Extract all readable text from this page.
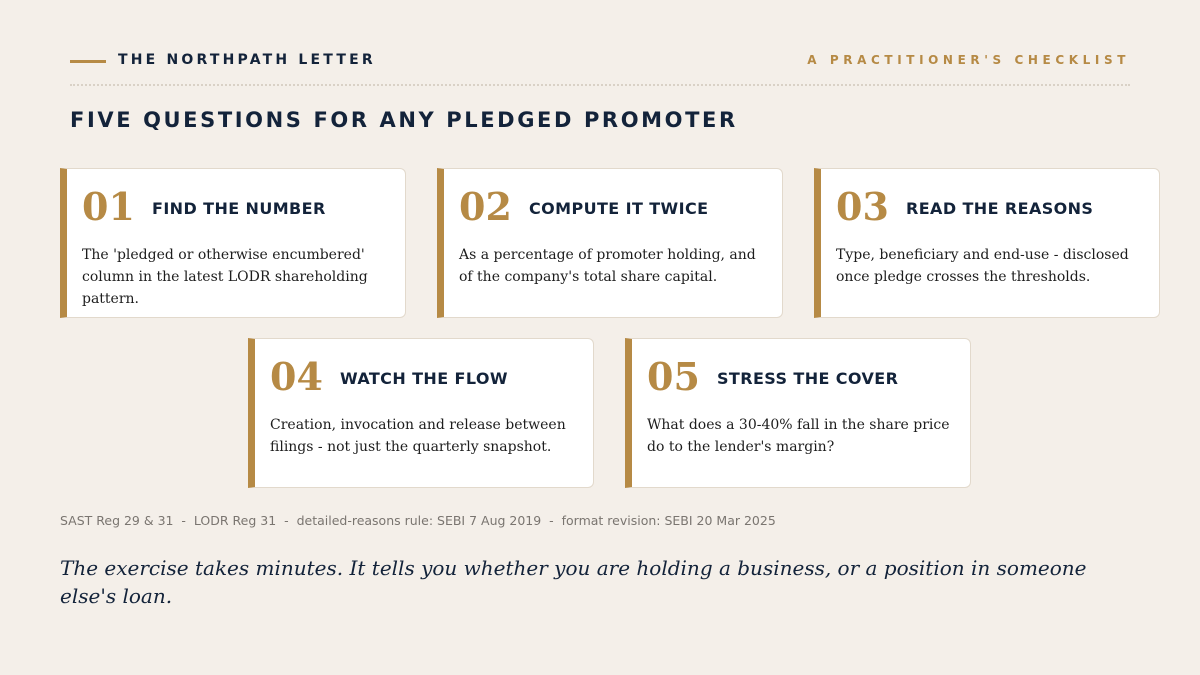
THE NORTHPATH LETTER	A PRACTITIONER'S CHECKLIST
FIVE QUESTIONS FOR ANY PLEDGED PROMOTER
01 FIND THE NUMBER
The 'pledged or otherwise encumbered' column in the latest LODR shareholding pattern.
02 COMPUTE IT TWICE
As a percentage of promoter holding, and of the company's total share capital.
03 READ THE REASONS
Type, beneficiary and end-use - disclosed once pledge crosses the thresholds.
04 WATCH THE FLOW
Creation, invocation and release between filings - not just the quarterly snapshot.
05 STRESS THE COVER
What does a 30-40% fall in the share price do to the lender's margin?
SAST Reg 29 & 31  -  LODR Reg 31  -  detailed-reasons rule: SEBI 7 Aug 2019  -  format revision: SEBI 20 Mar 2025

The exercise takes minutes. It tells you whether you are holding a business, or a position in someone else's loan.
